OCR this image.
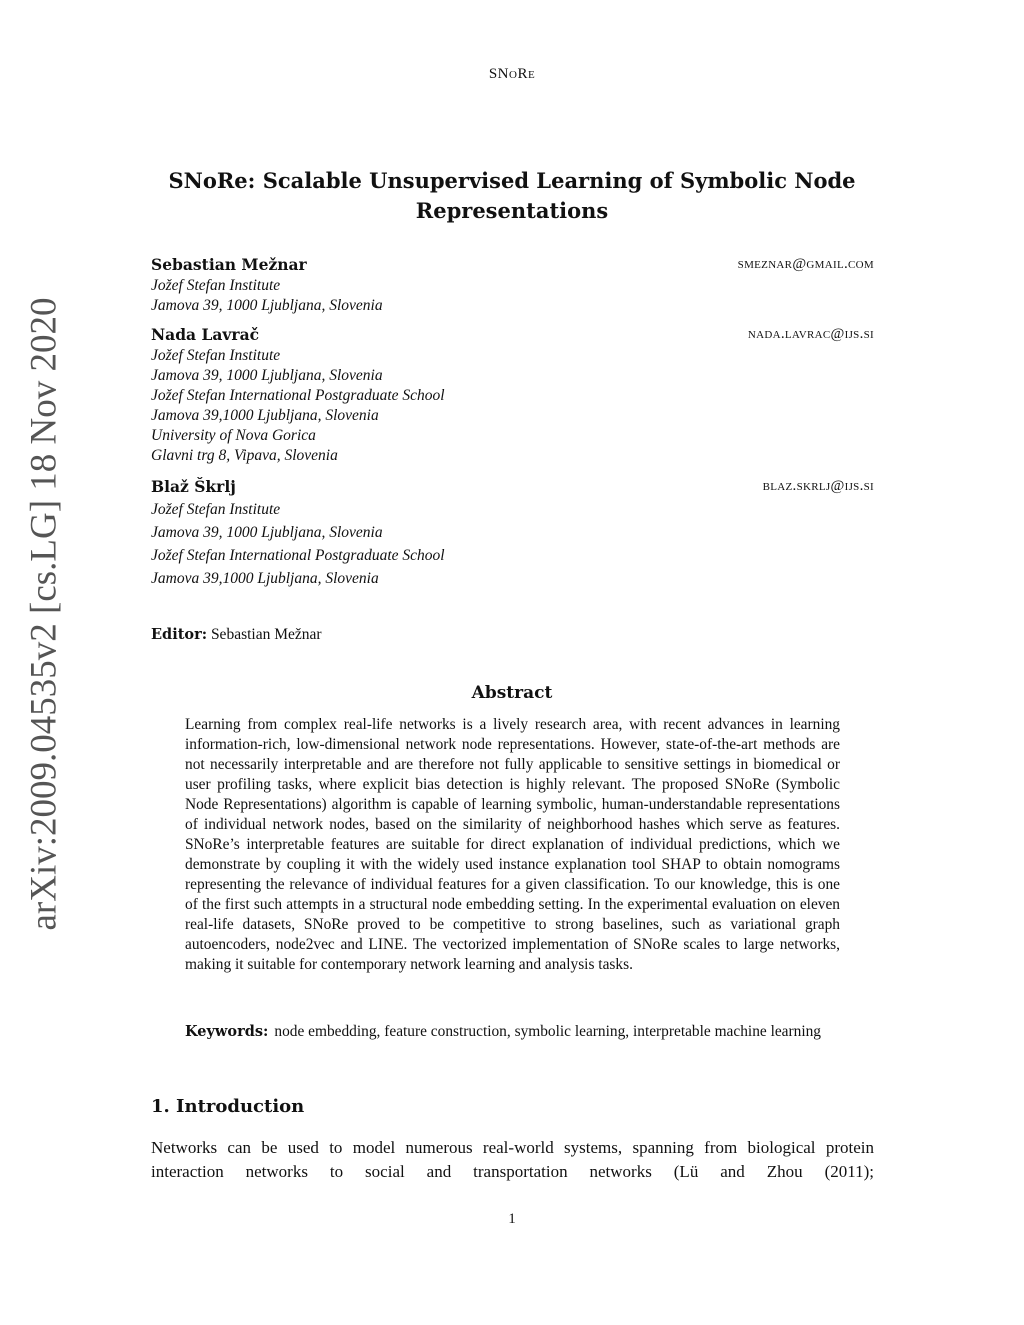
SNoRe
arXiv:2009.04535v2 [cs.LG] 18 Nov 2020
SNoRe: Scalable Unsupervised Learning of Symbolic Node
Representations
Sebastian Mežnar	smeznar@gmail.com
Jožef Stefan Institute
Jamova 39, 1000 Ljubljana, Slovenia
Nada Lavrač	nada.lavrac@ijs.si
Jožef Stefan Institute
Jamova 39, 1000 Ljubljana, Slovenia
Jožef Stefan International Postgraduate School
Jamova 39,1000 Ljubljana, Slovenia
University of Nova Gorica
Glavni trg 8, Vipava, Slovenia
Blaž Škrlj	blaz.skrlj@ijs.si
Jožef Stefan Institute
Jamova 39, 1000 Ljubljana, Slovenia
Jožef Stefan International Postgraduate School
Jamova 39,1000 Ljubljana, Slovenia
Editor: Sebastian Mežnar
Abstract
Learning from complex real-life networks is a lively research area, with recent advances in learning information-rich, low-dimensional network node representations. However, state-of-the-art methods are not necessarily interpretable and are therefore not fully applicable to sensitive settings in biomedical or user profiling tasks, where explicit bias detection is highly relevant. The proposed SNoRe (Symbolic Node Representations) algorithm is capable of learning symbolic, human-understandable representations of individual network nodes, based on the similarity of neighborhood hashes which serve as features. SNoRe’s interpretable features are suitable for direct explanation of individual predictions, which we demonstrate by coupling it with the widely used instance explanation tool SHAP to obtain nomograms representing the relevance of individual features for a given classification. To our knowledge, this is one of the first such attempts in a structural node embedding setting. In the experimental evaluation on eleven real-life datasets, SNoRe proved to be competitive to strong baselines, such as variational graph autoencoders, node2vec and LINE. The vectorized implementation of SNoRe scales to large networks, making it suitable for contemporary network learning and analysis tasks.
Keywords: node embedding, feature construction, symbolic learning, interpretable machine learning
1. Introduction
Networks can be used to model numerous real-world systems, spanning from biological protein interaction networks to social and transportation networks (Lü and Zhou (2011);
1
